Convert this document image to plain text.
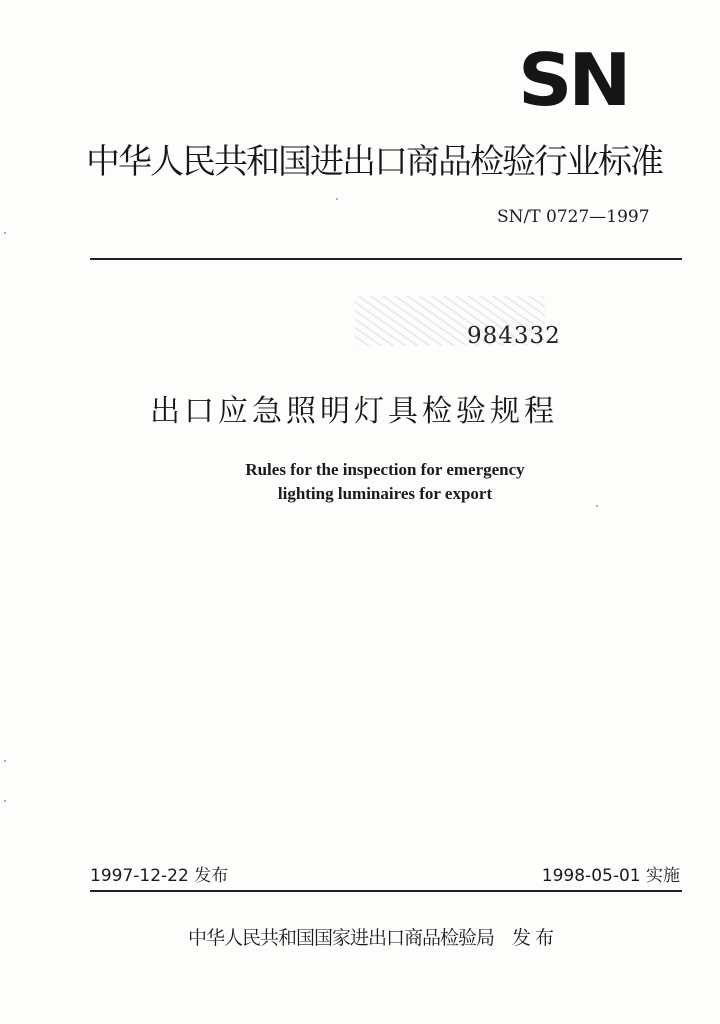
SN
中华人民共和国进出口商品检验行业标准
SN/T 0727—1997
984332
出口应急照明灯具检验规程
Rules for the inspection for emergency
lighting luminaires for export
1997-12-22 发布	1998-05-01 实施
中华人民共和国国家进出口商品检验局 发布
